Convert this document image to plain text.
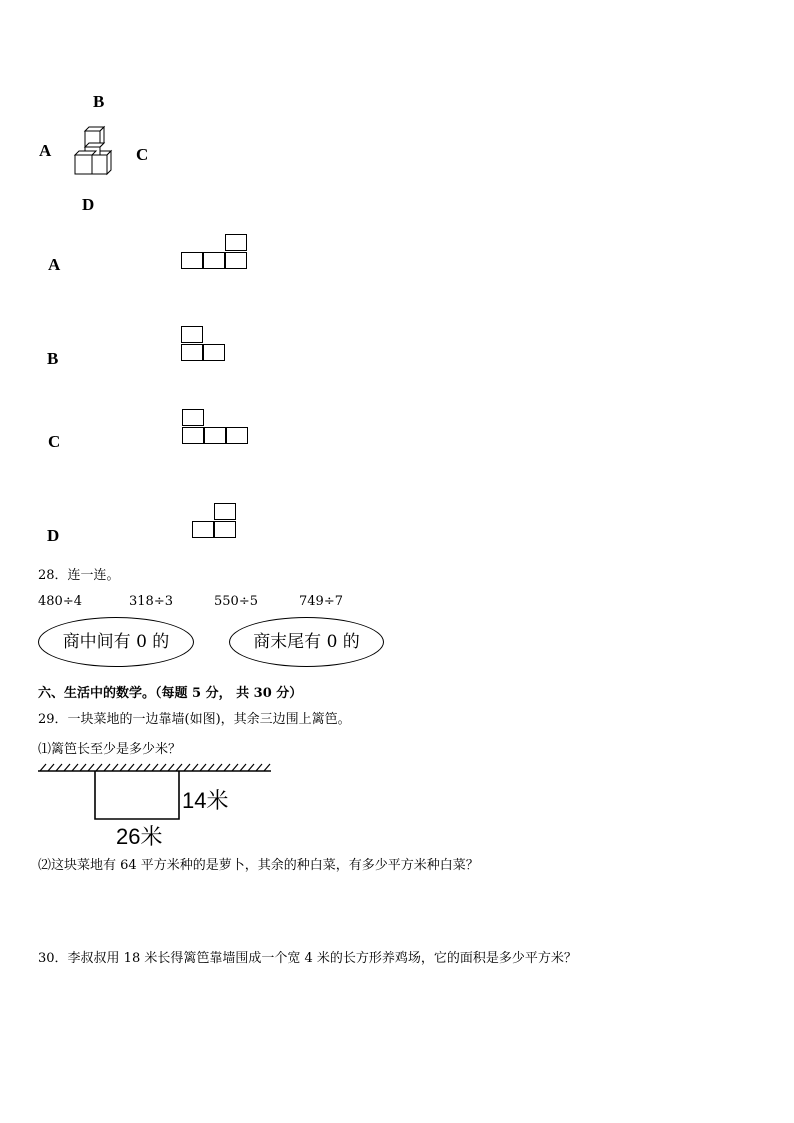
B
A	C
D
A
B
C
D
28．连一连。
480÷4	318÷3	550÷5	749÷7
商中间有 0 的	商末尾有 0 的
六、生活中的数学。（每题 5 分， 共 30 分）
29．一块菜地的一边靠墙(如图)，其余三边围上篱笆。
⑴篱笆长至少是多少米？
14米
26米
⑵这块菜地有 64 平方米种的是萝卜，其余的种白菜，有多少平方米种白菜？
30．李叔叔用 18 米长得篱笆靠墙围成一个宽 4 米的长方形养鸡场，它的面积是多少平方米？
